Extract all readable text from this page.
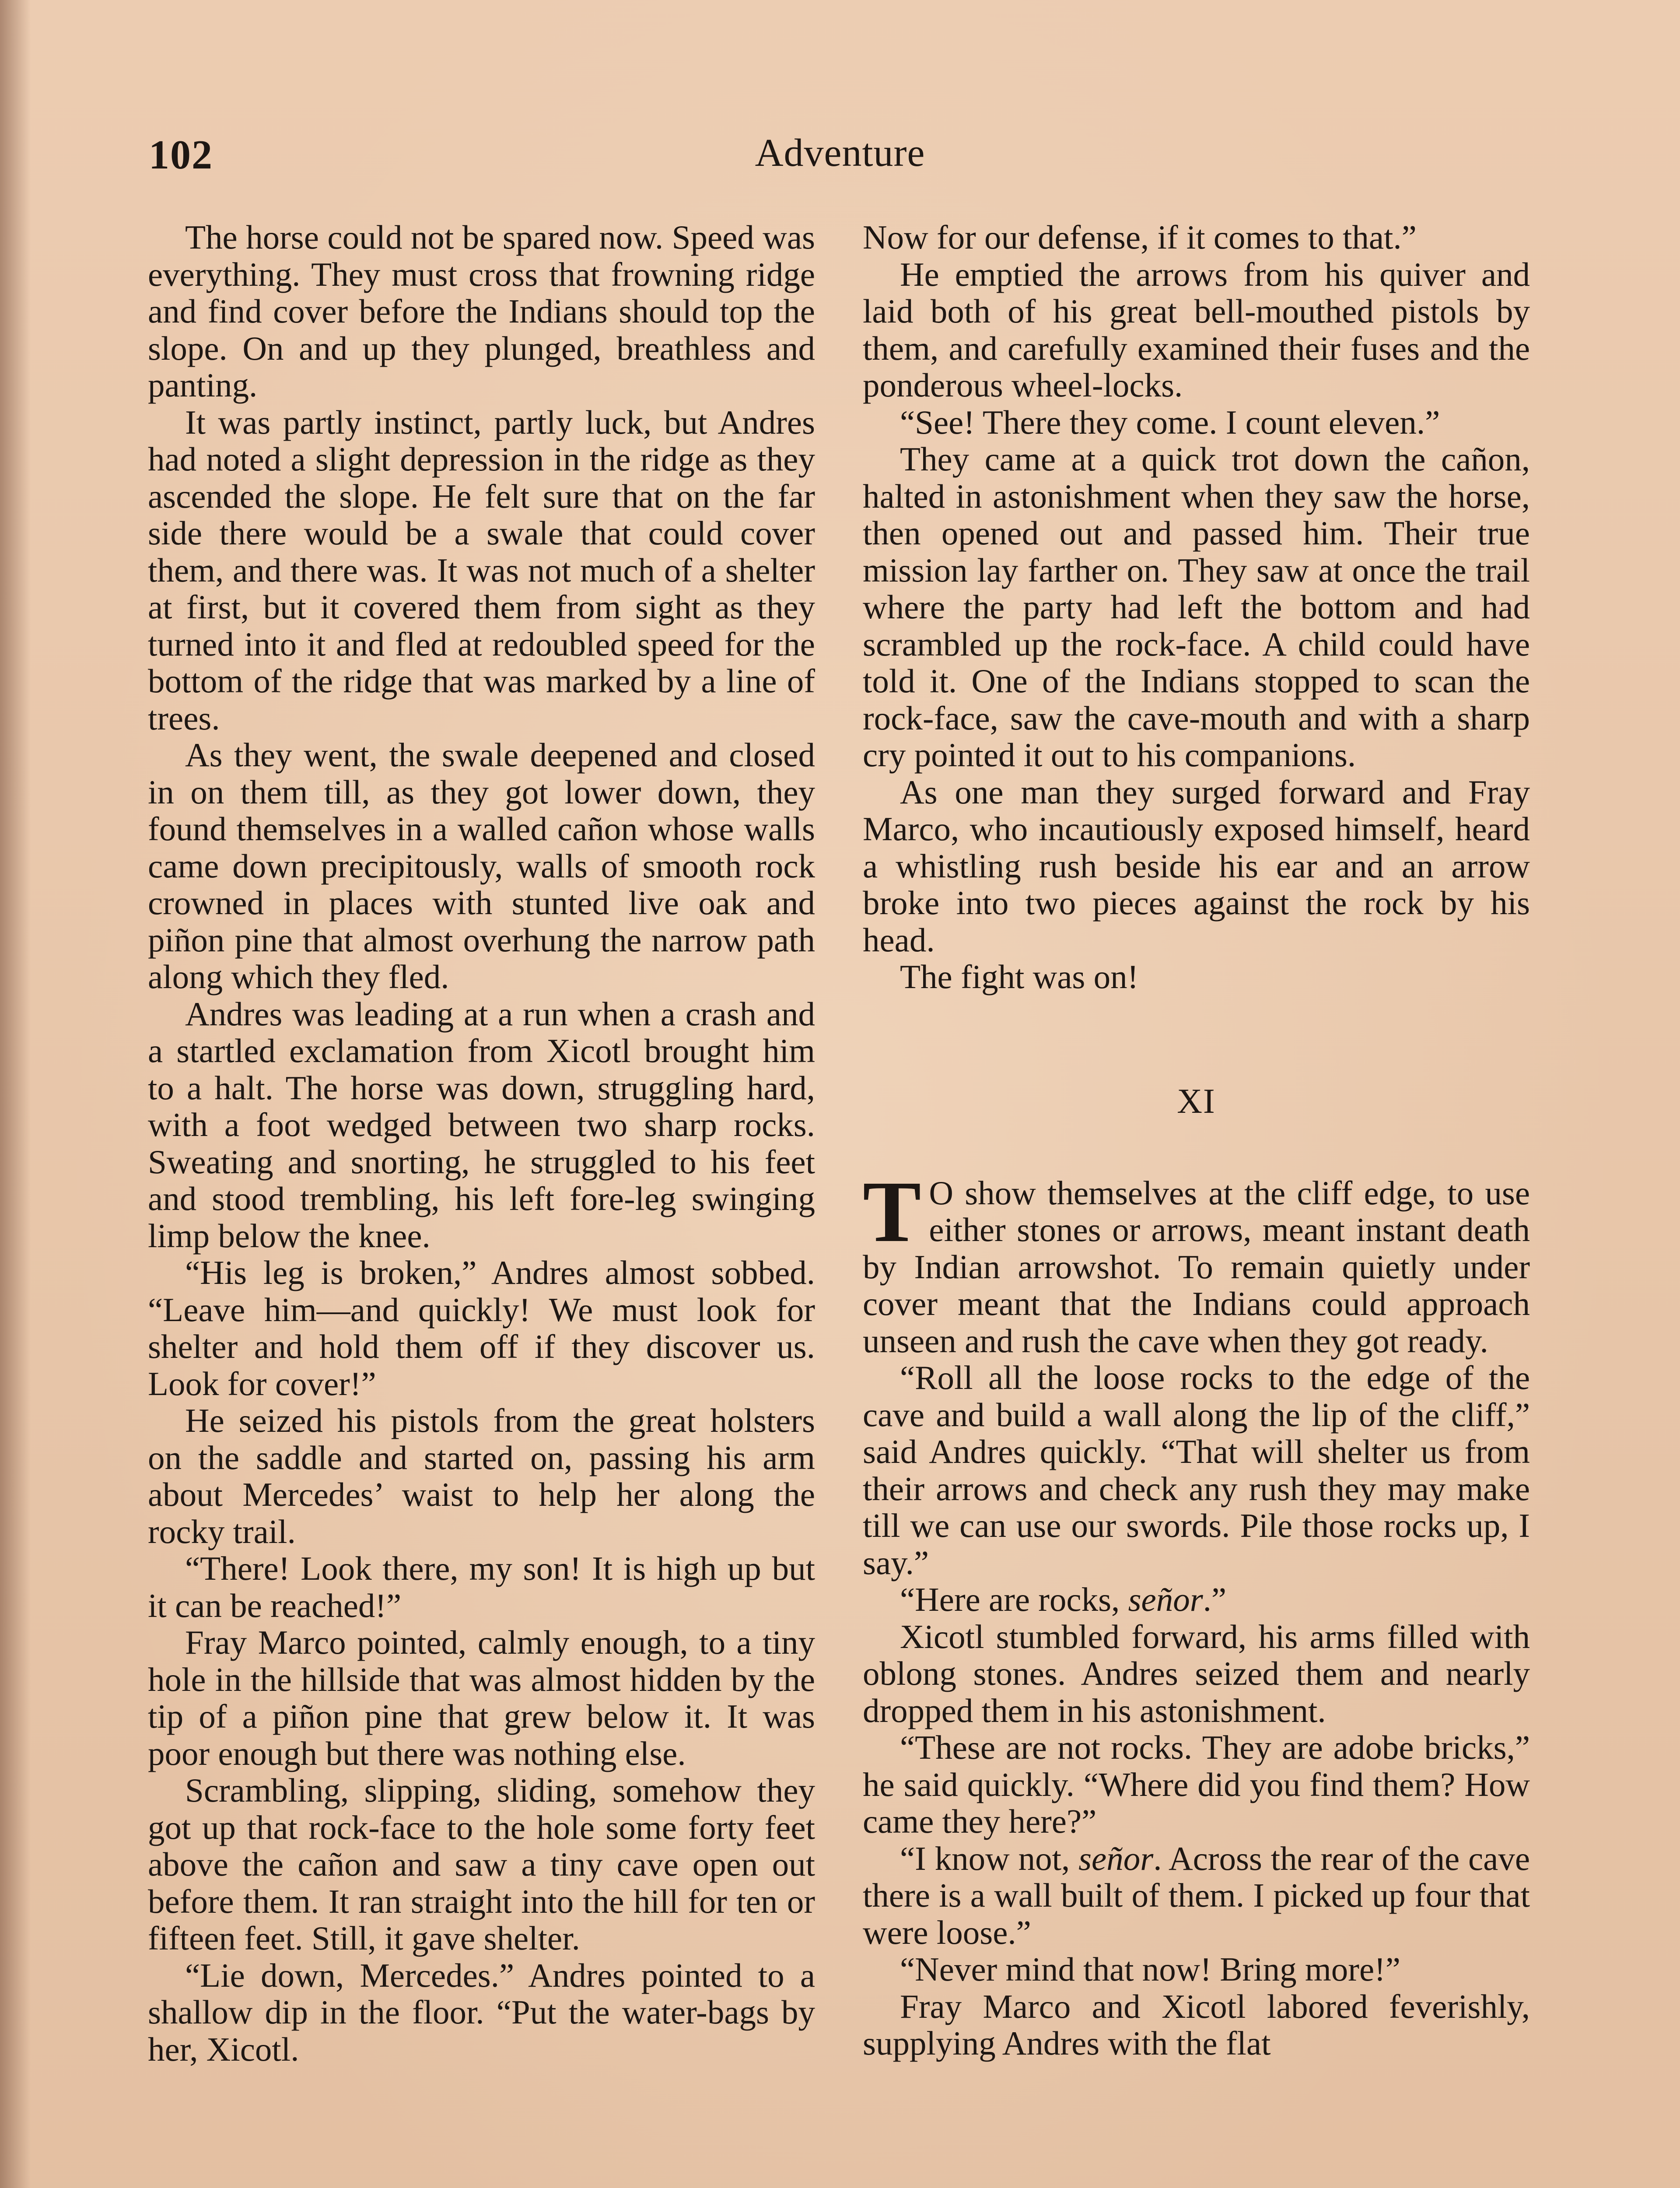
102	Adventure

The horse could not be spared now. Speed was everything. They must cross that frowning ridge and find cover before the Indians should top the slope. On and up they plunged, breathless and panting.

It was partly instinct, partly luck, but Andres had noted a slight depression in the ridge as they ascended the slope. He felt sure that on the far side there would be a swale that could cover them, and there was. It was not much of a shelter at first, but it covered them from sight as they turned into it and fled at redoubled speed for the bottom of the ridge that was marked by a line of trees.

As they went, the swale deepened and closed in on them till, as they got lower down, they found themselves in a walled cañon whose walls came down precipitously, walls of smooth rock crowned in places with stunted live oak and piñon pine that almost overhung the narrow path along which they fled.

Andres was leading at a run when a crash and a startled exclamation from Xicotl brought him to a halt. The horse was down, struggling hard, with a foot wedged between two sharp rocks. Sweating and snorting, he struggled to his feet and stood trembling, his left fore-leg swinging limp below the knee.

“His leg is broken,” Andres almost sobbed. “Leave him—and quickly! We must look for shelter and hold them off if they discover us. Look for cover!”

He seized his pistols from the great holsters on the saddle and started on, passing his arm about Mercedes’ waist to help her along the rocky trail.

“There! Look there, my son! It is high up but it can be reached!”

Fray Marco pointed, calmly enough, to a tiny hole in the hillside that was almost hidden by the tip of a piñon pine that grew below it. It was poor enough but there was nothing else.

Scrambling, slipping, sliding, somehow they got up that rock-face to the hole some forty feet above the cañon and saw a tiny cave open out before them. It ran straight into the hill for ten or fifteen feet. Still, it gave shelter.

“Lie down, Mercedes.” Andres pointed to a shallow dip in the floor. “Put the water-bags by her, Xicotl.

Now for our defense, if it comes to that.”

He emptied the arrows from his quiver and laid both of his great bell-mouthed pistols by them, and carefully examined their fuses and the ponderous wheel-locks.

“See! There they come. I count eleven.”

They came at a quick trot down the cañon, halted in astonishment when they saw the horse, then opened out and passed him. Their true mission lay farther on. They saw at once the trail where the party had left the bottom and had scrambled up the rock-face. A child could have told it. One of the Indians stopped to scan the rock-face, saw the cave-mouth and with a sharp cry pointed it out to his companions.

As one man they surged forward and Fray Marco, who incautiously exposed himself, heard a whistling rush beside his ear and an arrow broke into two pieces against the rock by his head.

The fight was on!

XI

T O show themselves at the cliff edge, to use either stones or arrows, meant instant death by Indian arrowshot. To remain quietly under cover meant that the Indians could approach unseen and rush the cave when they got ready.

“Roll all the loose rocks to the edge of the cave and build a wall along the lip of the cliff,” said Andres quickly. “That will shelter us from their arrows and check any rush they may make till we can use our swords. Pile those rocks up, I say.”

“Here are rocks, señor.”

Xicotl stumbled forward, his arms filled with oblong stones. Andres seized them and nearly dropped them in his astonishment.

“These are not rocks. They are adobe bricks,” he said quickly. “Where did you find them? How came they here?”

“I know not, señor. Across the rear of the cave there is a wall built of them. I picked up four that were loose.”

“Never mind that now! Bring more!”

Fray Marco and Xicotl labored feverishly, supplying Andres with the flat
